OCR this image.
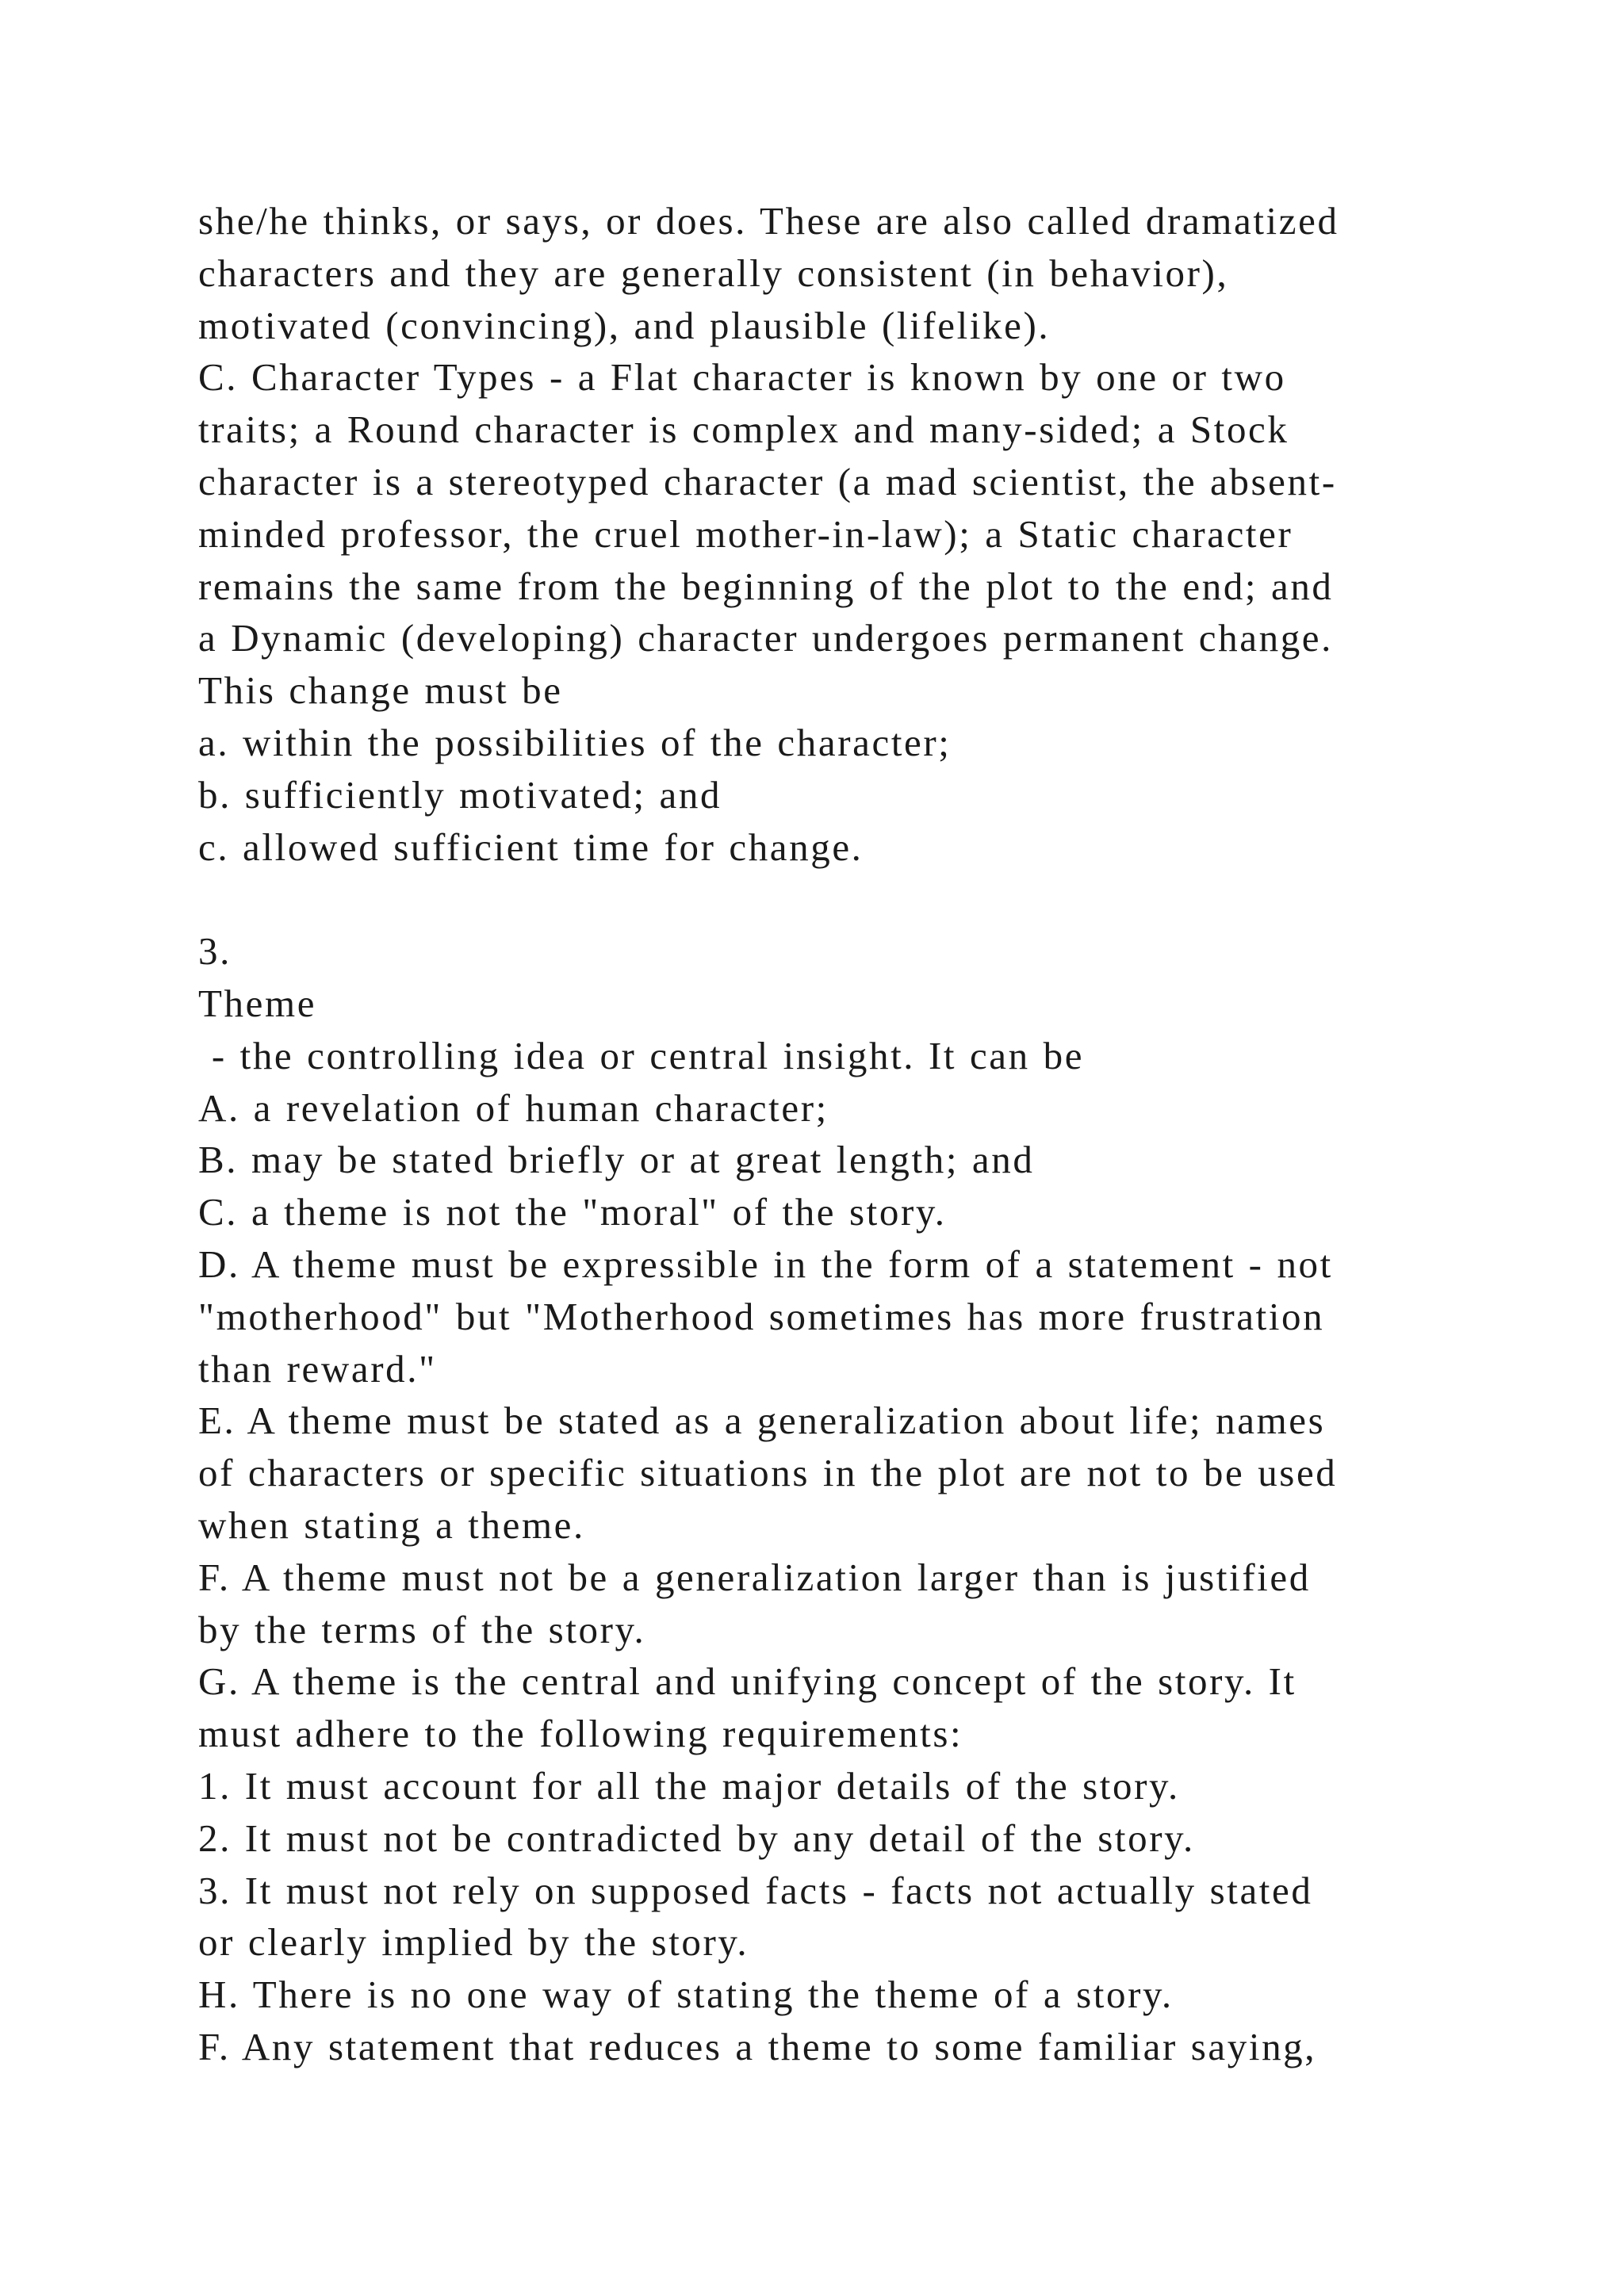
she/he thinks, or says, or does. These are also called dramatized
characters and they are generally consistent (in behavior),
motivated (convincing), and plausible (lifelike).
C. Character Types - a Flat character is known by one or two
traits; a Round character is complex and many-sided; a Stock
character is a stereotyped character (a mad scientist, the absent-
minded professor, the cruel mother-in-law); a Static character
remains the same from the beginning of the plot to the end; and
a Dynamic (developing) character undergoes permanent change.
This change must be
a. within the possibilities of the character;
b. sufficiently motivated; and
c. allowed sufficient time for change.
3.
Theme
- the controlling idea or central insight. It can be
A. a revelation of human character;
B. may be stated briefly or at great length; and
C. a theme is not the "moral" of the story.
D. A theme must be expressible in the form of a statement - not
"motherhood" but "Motherhood sometimes has more frustration
than reward."
E. A theme must be stated as a generalization about life; names
of characters or specific situations in the plot are not to be used
when stating a theme.
F. A theme must not be a generalization larger than is justified
by the terms of the story.
G. A theme is the central and unifying concept of the story. It
must adhere to the following requirements:
1. It must account for all the major details of the story.
2. It must not be contradicted by any detail of the story.
3. It must not rely on supposed facts - facts not actually stated
or clearly implied by the story.
H. There is no one way of stating the theme of a story.
F. Any statement that reduces a theme to some familiar saying,
